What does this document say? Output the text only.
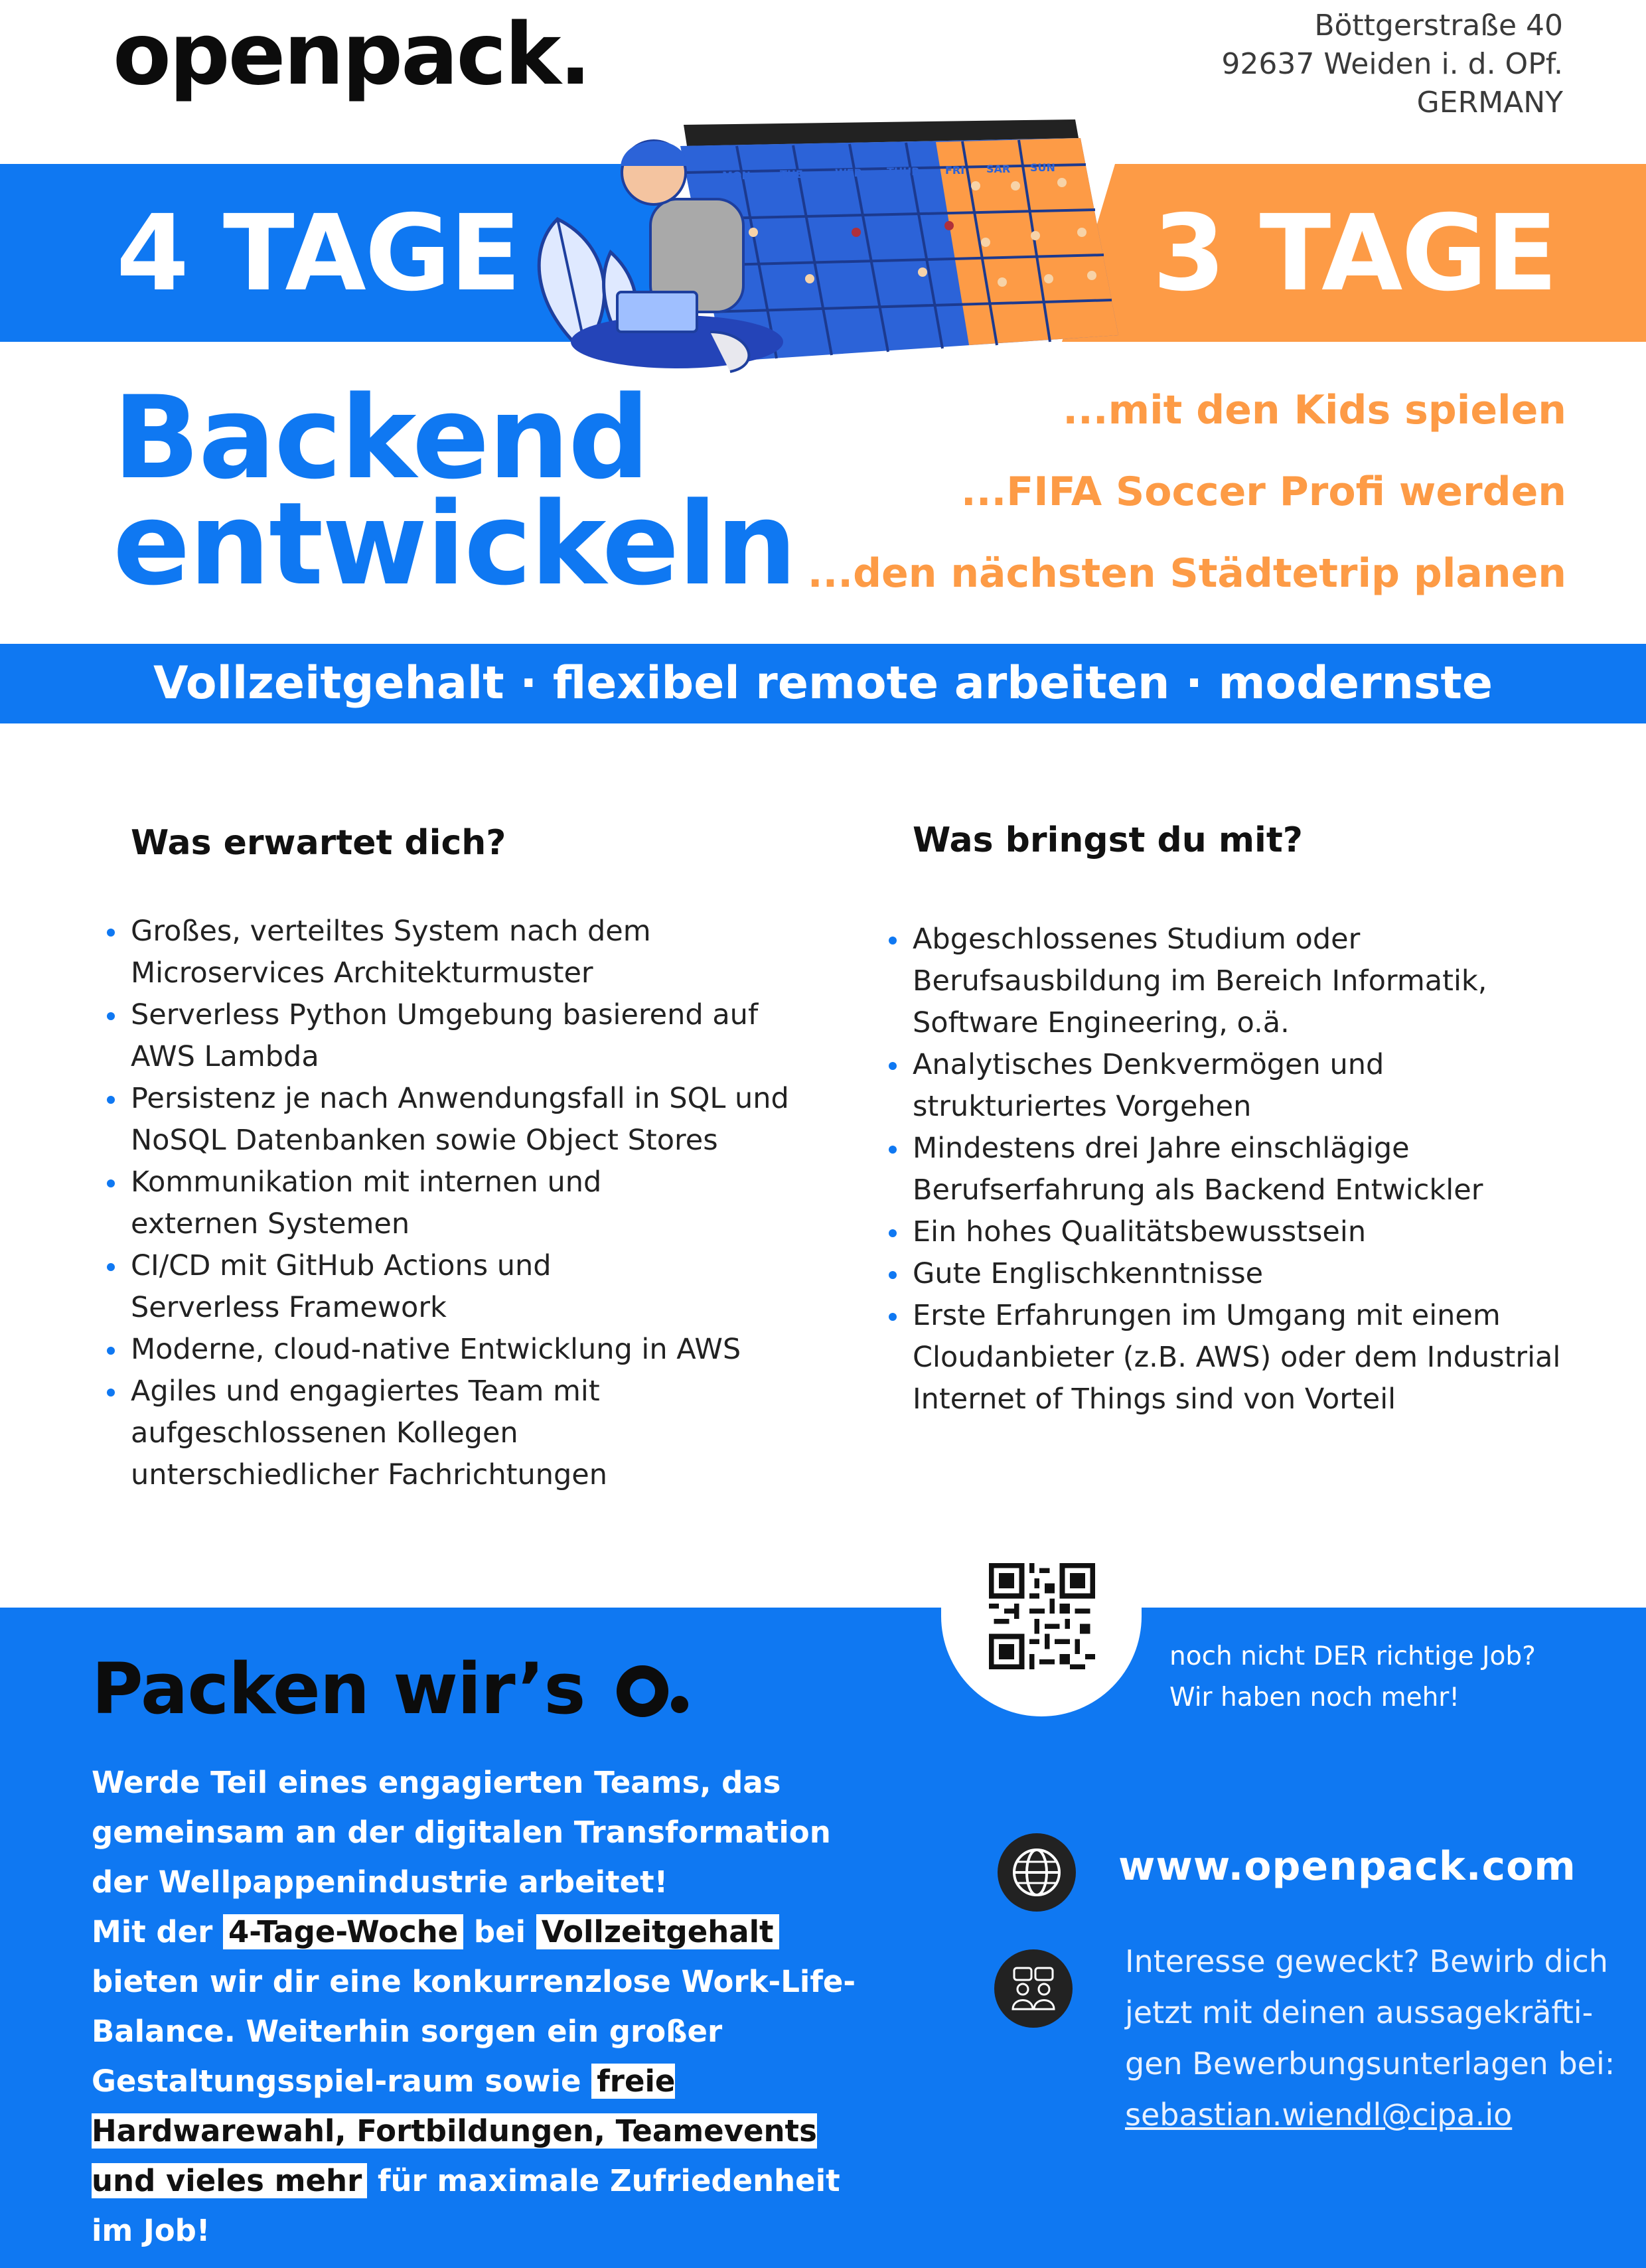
openpack.	Böttgerstraße 40
92637 Weiden i. d. OPf.
GERMANY
4 TAGE	3 TAGE
MON	TUE	WEB THUR FRI SAR SUN
Backend
entwickeln
...mit den Kids spielen
...FIFA Soccer Profi werden
...den nächsten Städtetrip planen
Vollzeitgehalt · flexibel remote arbeiten · modernste Technologien
Was erwartet dich?
Großes, verteiltes System nach dem
Microservices Architekturmuster
Serverless Python Umgebung basierend auf
AWS Lambda
Persistenz je nach Anwendungsfall in SQL und
NoSQL Datenbanken sowie Object Stores
Kommunikation mit internen und
externen Systemen
CI/CD mit GitHub Actions und
Serverless Framework
Moderne, cloud-native Entwicklung in AWS
Agiles und engagiertes Team mit
aufgeschlossenen Kollegen
unterschiedlicher Fachrichtungen
Was bringst du mit?
Abgeschlossenes Studium oder
Berufsausbildung im Bereich Informatik,
Software Engineering, o.ä.
Analytisches Denkvermögen und
strukturiertes Vorgehen
Mindestens drei Jahre einschlägige
Berufserfahrung als Backend Entwickler
Ein hohes Qualitätsbewusstsein
Gute Englischkenntnisse
Erste Erfahrungen im Umgang mit einem
Cloudanbieter (z.B. AWS) oder dem Industrial
Internet of Things sind von Vorteil
noch nicht DER richtige Job?
Wir haben noch mehr!
Packen wir’s
Werde Teil eines engagierten Teams, das gemeinsam an der digitalen Transformation der Wellpappenindustrie arbeitet!
Mit der 4-Tage-Woche bei Vollzeitgehalt bieten wir dir eine konkurrenzlose Work-Life-Balance. Weiterhin sorgen ein großer Gestaltungsspiel-raum sowie freie Hardwarewahl, Fortbildungen, Teamevents und vieles mehr für maximale Zufriedenheit im Job!
www.openpack.com
Interesse geweckt? Bewirb dich
jetzt mit deinen aussagekräfti-
gen Bewerbungsunterlagen bei:
sebastian.wiendl@cipa.io
